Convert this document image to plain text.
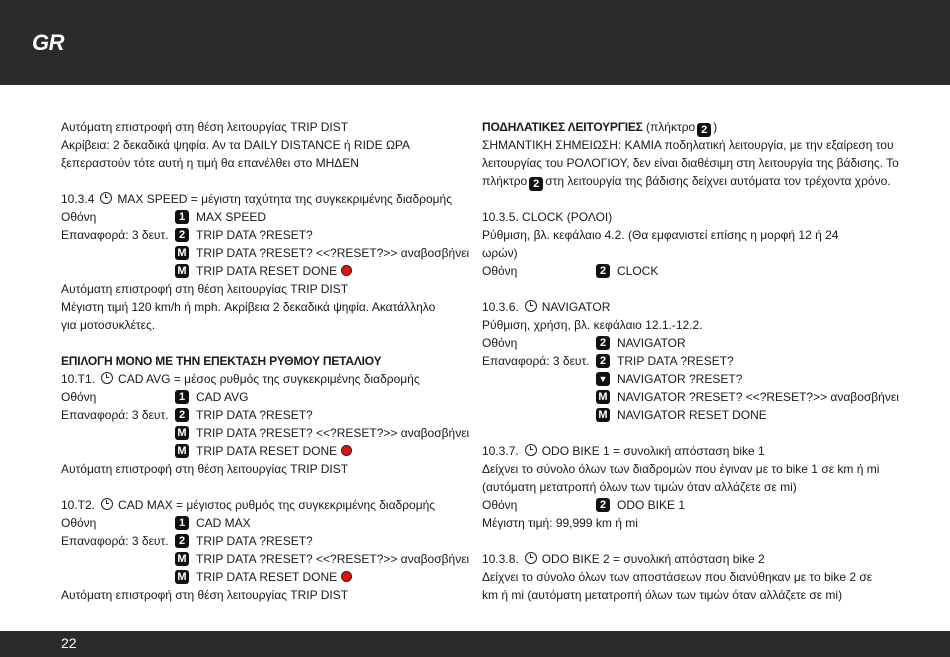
GR
Αυτόματη επιστροφή στη θέση λειτουργίας TRIP DIST
Ακρίβεια: 2 δεκαδικά ψηφία. Αν τα DAILY DISTANCE ή RIDE ΩΡΑ
ξεπεραστούν τότε αυτή η τιμή θα επανέλθει στο ΜΗΔΕΝ
10.3.4 MAX SPEED = μέγιστη ταχύτητα της συγκεκριμένης διαδρομής
Οθόνη	1 MAX SPEED
Επαναφορά: 3 δευτ. 2 TRIP DATA ?RESET?
M TRIP DATA ?RESET? <<?RESET?>> αναβοσβήνει
M TRIP DATA RESET DONE
Αυτόματη επιστροφή στη θέση λειτουργίας TRIP DIST
Μέγιστη τιμή 120 km/h ή mph. Ακρίβεια 2 δεκαδικά ψηφία. Ακατάλληλο
για μοτοσυκλέτες.
ΕΠΙΛΟΓΗ ΜΟΝΟ ΜΕ ΤΗΝ ΕΠΕΚΤΑΣΗ ΡΥΘΜΟΥ ΠΕΤΑΛΙΟΥ
10.T1. CAD AVG = μέσος ρυθμός της συγκεκριμένης διαδρομής
Οθόνη	1 CAD AVG
Επαναφορά: 3 δευτ. 2 TRIP DATA ?RESET?
M TRIP DATA ?RESET? <<?RESET?>> αναβοσβήνει
M TRIP DATA RESET DONE
Αυτόματη επιστροφή στη θέση λειτουργίας TRIP DIST
10.T2. CAD MAX = μέγιστος ρυθμός της συγκεκριμένης διαδρομής
Οθόνη	1 CAD MAX
Επαναφορά: 3 δευτ. 2 TRIP DATA ?RESET?
M TRIP DATA ?RESET? <<?RESET?>> αναβοσβήνει
M TRIP DATA RESET DONE
Αυτόματη επιστροφή στη θέση λειτουργίας TRIP DIST
ΠΟΔΗΛΑΤΙΚΕΣ ΛΕΙΤΟΥΡΓΙΕΣ (πλήκτρο 2 )
ΣΗΜΑΝΤΙΚΗ ΣΗΜΕΙΩΣΗ: ΚΑΜΙΑ ποδηλατική λειτουργία, με την εξαίρεση του
λειτουργίας του ΡΟΛΟΓΙΟΥ, δεν είναι διαθέσιμη στη λειτουργία της βάδισης. Το
πλήκτρο 2 στη λειτουργία της βάδισης δείχνει αυτόματα τον τρέχοντα χρόνο.
10.3.5. CLOCK (ΡΟΛΟΙ)
Ρύθμιση, βλ. κεφάλαιο 4.2. (Θα εμφανιστεί επίσης η μορφή 12 ή 24
ωρών)
Οθόνη	2 CLOCK
10.3.6. NAVIGATOR
Ρύθμιση, χρήση, βλ. κεφάλαιο 12.1.-12.2.
Οθόνη	2 NAVIGATOR
Επαναφορά: 3 δευτ. 2 TRIP DATA ?RESET?
▼ NAVIGATOR ?RESET?
M NAVIGATOR ?RESET? <<?RESET?>> αναβοσβήνει
M NAVIGATOR RESET DONE
10.3.7. ODO BIKE 1 = συνολική απόσταση bike 1
Δείχνει το σύνολο όλων των διαδρομών που έγιναν με το bike 1 σε km ή mi
(αυτόματη μετατροπή όλων των τιμών όταν αλλάζετε σε mi)
Οθόνη	2 ODO BIKE 1
Μέγιστη τιμή: 99,999 km ή mi
10.3.8. ODO BIKE 2 = συνολική απόσταση bike 2
Δείχνει το σύνολο όλων των αποστάσεων που διανύθηκαν με το bike 2 σε
km ή mi (αυτόματη μετατροπή όλων των τιμών όταν αλλάζετε σε mi)
22
